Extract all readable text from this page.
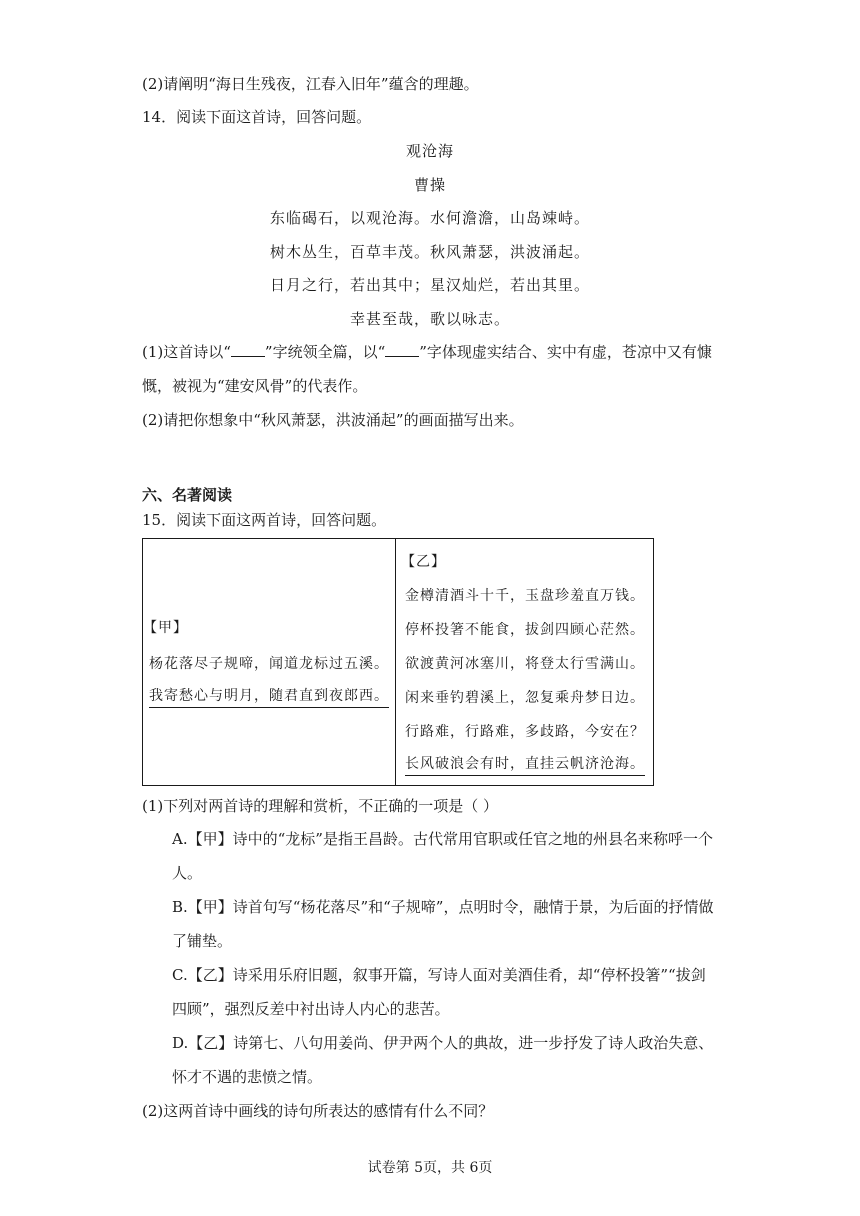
(2)请阐明“海日生残夜，江春入旧年”蕴含的理趣。
14．阅读下面这首诗，回答问题。
观沧海
曹操
东临碣石，以观沧海。水何澹澹，山岛竦峙。
树木丛生，百草丰茂。秋风萧瑟，洪波涌起。
日月之行，若出其中；星汉灿烂，若出其里。
幸甚至哉，歌以咏志。
(1)这首诗以“ ”字统领全篇，以“ ”字体现虚实结合、实中有虚，苍凉中又有慷
慨，被视为“建安风骨”的代表作。
(2)请把你想象中“秋风萧瑟，洪波涌起”的画面描写出来。
六、名著阅读
15．阅读下面这两首诗，回答问题。
【甲】
杨花落尽子规啼，闻道龙标过五溪。
我寄愁心与明月，随君直到夜郎西。
【乙】
金樽清酒斗十千，玉盘珍羞直万钱。
停杯投箸不能食，拔剑四顾心茫然。
欲渡黄河冰塞川，将登太行雪满山。
闲来垂钓碧溪上，忽复乘舟梦日边。
行路难，行路难，多歧路，今安在？
长风破浪会有时，直挂云帆济沧海。
(1)下列对两首诗的理解和赏析，不正确的一项是（ ）
A.【甲】诗中的“龙标”是指王昌龄。古代常用官职或任官之地的州县名来称呼一个
人。
B.【甲】诗首句写“杨花落尽”和“子规啼”，点明时令，融情于景，为后面的抒情做
了铺垫。
C.【乙】诗采用乐府旧题，叙事开篇，写诗人面对美酒佳肴，却“停杯投箸”“拔剑
四顾”，强烈反差中衬出诗人内心的悲苦。
D.【乙】诗第七、八句用姜尚、伊尹两个人的典故，进一步抒发了诗人政治失意、
怀才不遇的悲愤之情。
(2)这两首诗中画线的诗句所表达的感情有什么不同？
试卷第 5页，共 6页
